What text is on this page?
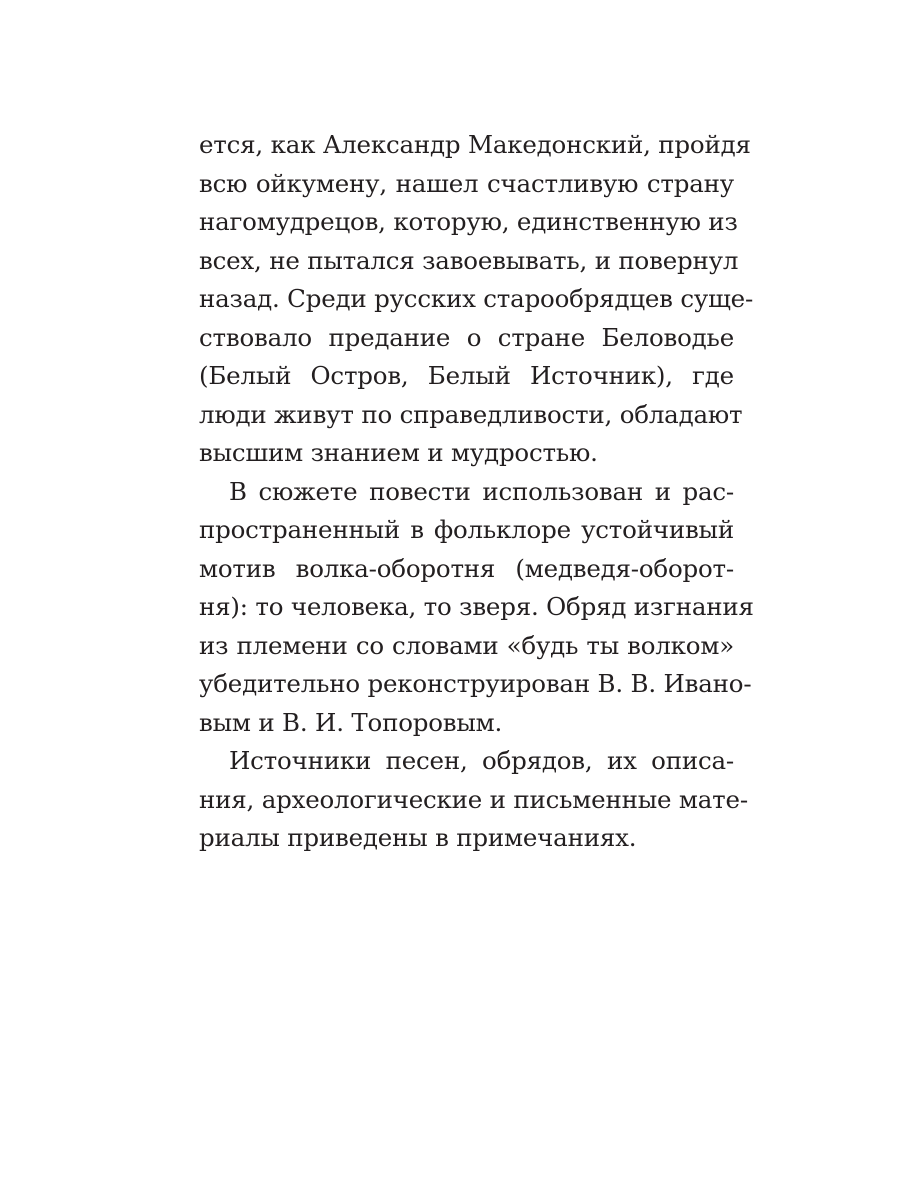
ется, как Александр Македонский, пройдя
всю ойкумену, нашел счастливую страну
нагомудрецов, которую, единственную из
всех, не пытался завоевывать, и повернул
назад. Среди русских старообрядцев суще-
ствовало предание о стране Беловодье
(Белый Остров, Белый Источник), где
люди живут по справедливости, обладают
высшим знанием и мудростью.
В сюжете повести использован и рас-
пространенный в фольклоре устойчивый
мотив волка-оборотня (медведя-оборот-
ня): то человека, то зверя. Обряд изгнания
из племени со словами «будь ты волком»
убедительно реконструирован В. В. Ивано-
вым и В. И. Топоровым.
Источники песен, обрядов, их описа-
ния, археологические и письменные мате-
риалы приведены в примечаниях.
